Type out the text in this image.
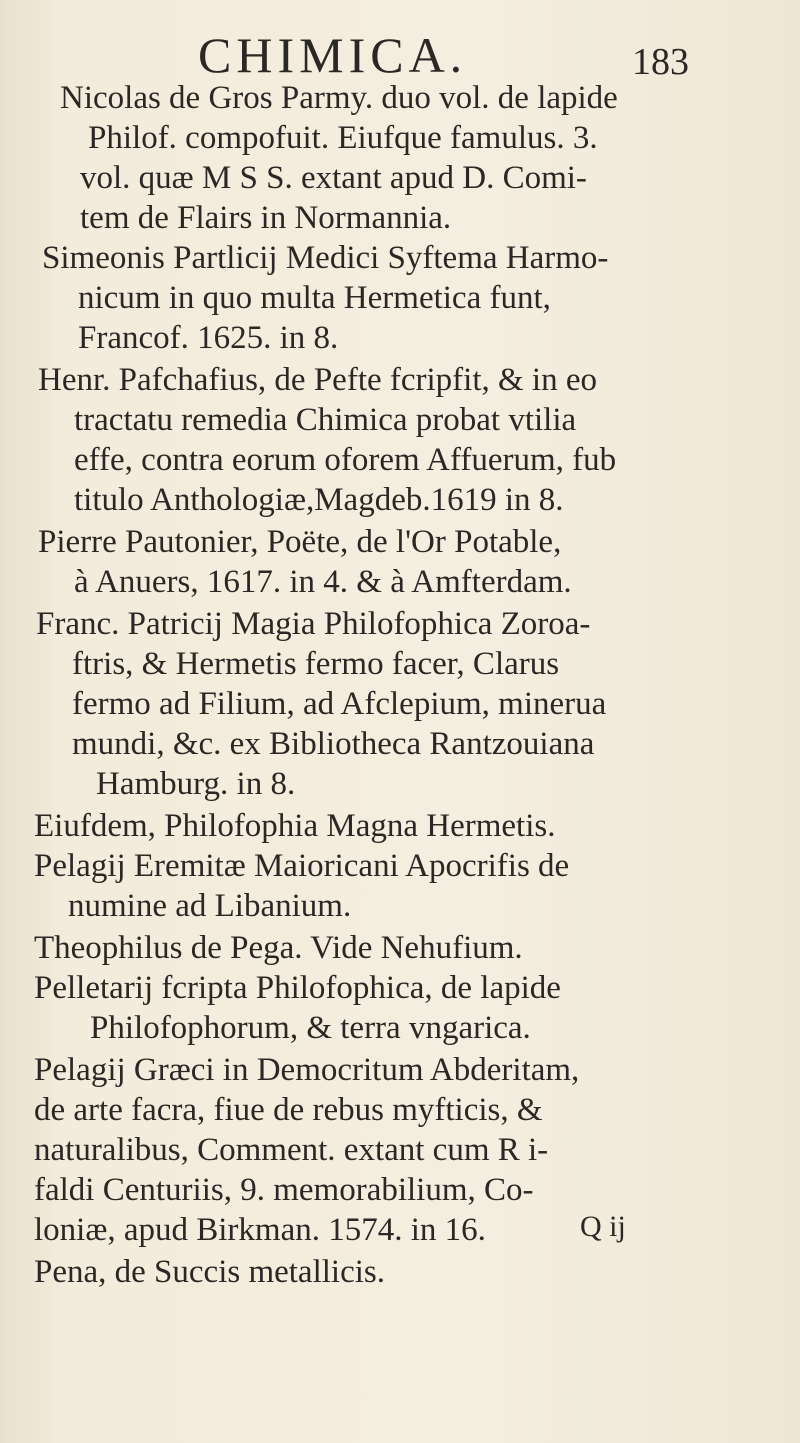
CHIMICA.	183
Nicolas de Gros Parmy. duo vol. de lapide
Philof. compofuit. Eiufque famulus. 3.
vol. quæ M S S. extant apud D. Comi-
tem de Flairs in Normannia.
Simeonis Partlicij Medici Syftema Harmo-
nicum in quo multa Hermetica funt,
Francof. 1625. in 8.
Henr. Pafchafius, de Pefte fcripfit, & in eo
tractatu remedia Chimica probat vtilia
effe, contra eorum oforem Affuerum, fub
titulo Anthologiæ,Magdeb.1619 in 8.
Pierre Pautonier, Poëte, de l'Or Potable,
à Anuers, 1617. in 4. & à Amfterdam.
Franc. Patricij Magia Philofophica Zoroa-
ftris, & Hermetis fermo facer, Clarus
fermo ad Filium, ad Afclepium, minerua
mundi, &c. ex Bibliotheca Rantzouiana
Hamburg. in 8.
Eiufdem, Philofophia Magna Hermetis.
Pelagij Eremitæ Maioricani Apocrifis de
numine ad Libanium.
Theophilus de Pega. Vide Nehufium.
Pelletarij fcripta Philofophica, de lapide
Philofophorum, & terra vngarica.
Pelagij Græci in Democritum Abderitam,
de arte facra, fiue de rebus myfticis, &
naturalibus, Comment. extant cum R i-
faldi Centuriis, 9. memorabilium, Co-
loniæ, apud Birkman. 1574. in 16.
Pena, de Succis metallicis.
Q ij
